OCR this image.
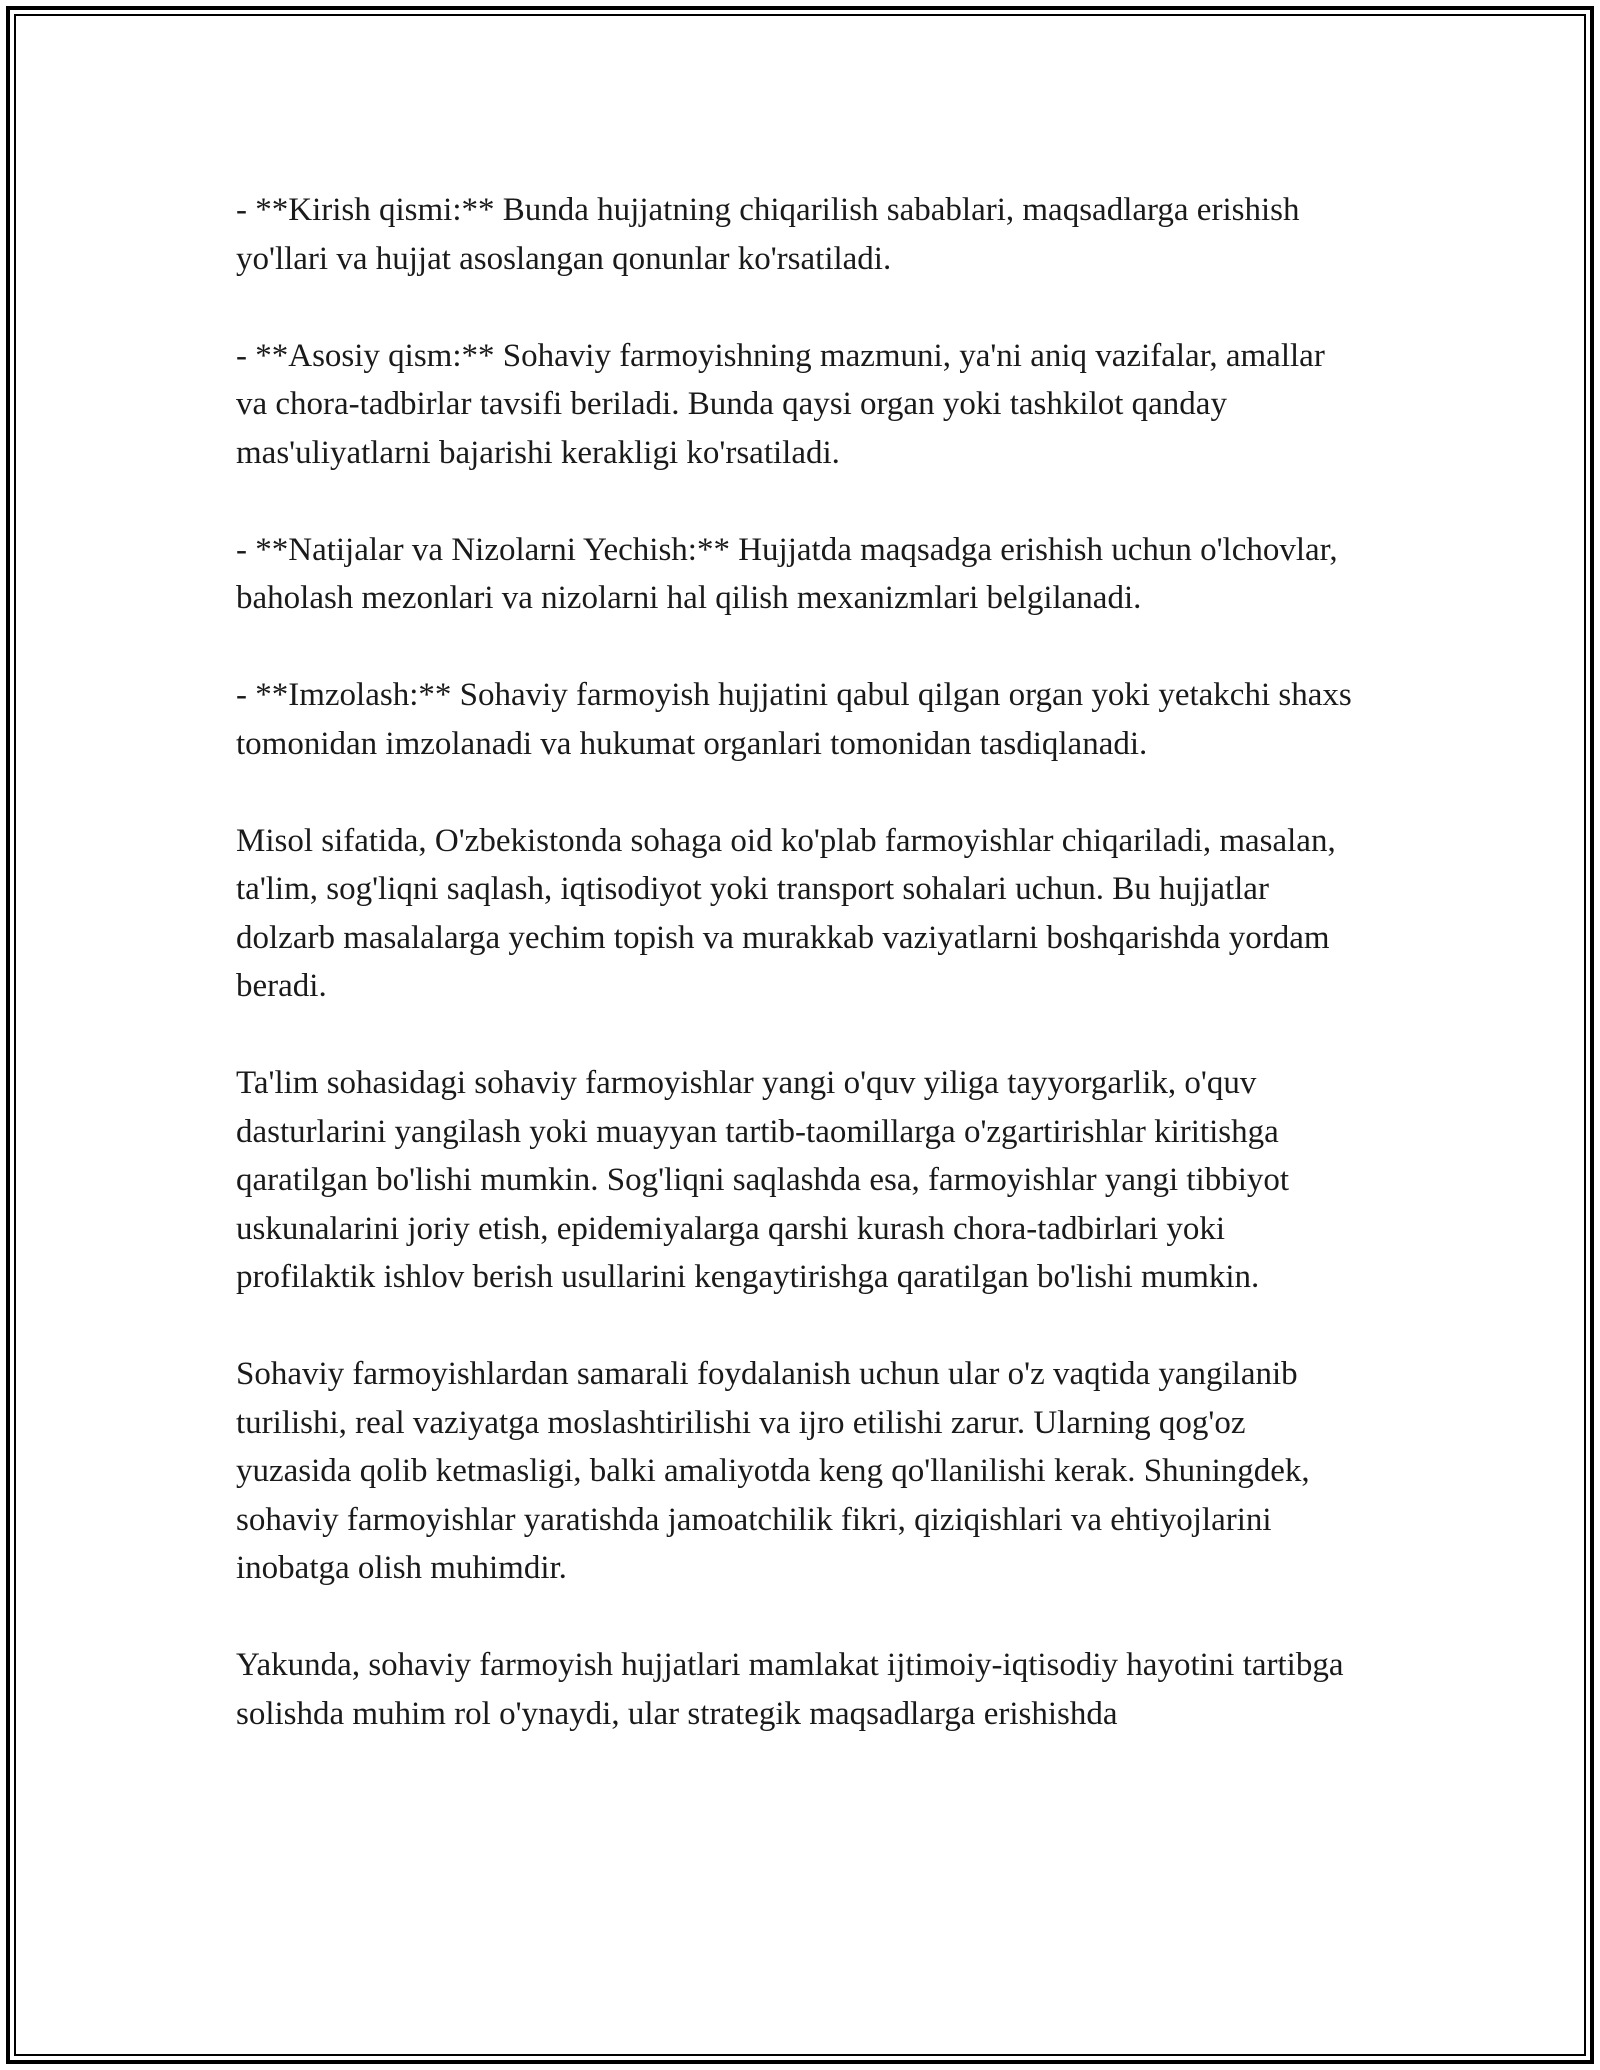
- **Kirish qismi:** Bunda hujjatning chiqarilish sabablari, maqsadlarga erishish yo'llari va hujjat asoslangan qonunlar ko'rsatiladi.

- **Asosiy qism:** Sohaviy farmoyishning mazmuni, ya'ni aniq vazifalar, amallar va chora-tadbirlar tavsifi beriladi. Bunda qaysi organ yoki tashkilot qanday mas'uliyatlarni bajarishi kerakligi ko'rsatiladi.

- **Natijalar va Nizolarni Yechish:** Hujjatda maqsadga erishish uchun o'lchovlar, baholash mezonlari va nizolarni hal qilish mexanizmlari belgilanadi.

- **Imzolash:** Sohaviy farmoyish hujjatini qabul qilgan organ yoki yetakchi shaxs tomonidan imzolanadi va hukumat organlari tomonidan tasdiqlanadi.

Misol sifatida, O'zbekistonda sohaga oid ko'plab farmoyishlar chiqariladi, masalan, ta'lim, sog'liqni saqlash, iqtisodiyot yoki transport sohalari uchun. Bu hujjatlar dolzarb masalalarga yechim topish va murakkab vaziyatlarni boshqarishda yordam beradi.

Ta'lim sohasidagi sohaviy farmoyishlar yangi o'quv yiliga tayyorgarlik, o'quv dasturlarini yangilash yoki muayyan tartib-taomillarga o'zgartirishlar kiritishga qaratilgan bo'lishi mumkin. Sog'liqni saqlashda esa, farmoyishlar yangi tibbiyot uskunalarini joriy etish, epidemiyalarga qarshi kurash chora-tadbirlari yoki profilaktik ishlov berish usullarini kengaytirishga qaratilgan bo'lishi mumkin.

Sohaviy farmoyishlardan samarali foydalanish uchun ular o'z vaqtida yangilanib turilishi, real vaziyatga moslashtirilishi va ijro etilishi zarur. Ularning qog'oz yuzasida qolib ketmasligi, balki amaliyotda keng qo'llanilishi kerak. Shuningdek, sohaviy farmoyishlar yaratishda jamoatchilik fikri, qiziqishlari va ehtiyojlarini inobatga olish muhimdir.

Yakunda, sohaviy farmoyish hujjatlari mamlakat ijtimoiy-iqtisodiy hayotini tartibga solishda muhim rol o'ynaydi, ular strategik maqsadlarga erishishda
